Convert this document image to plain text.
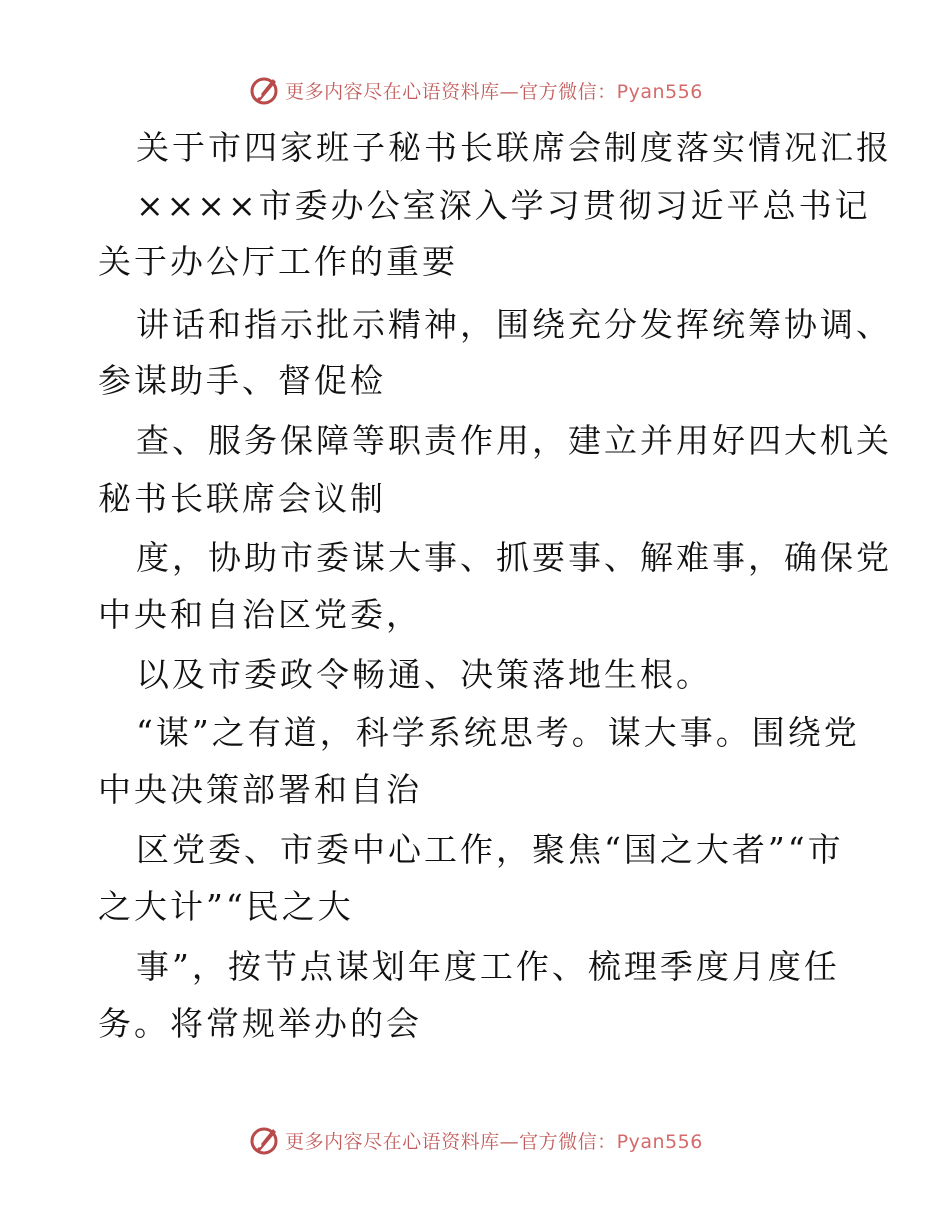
更多内容尽在心语资料库—官方微信：Pyan556
关于市四家班子秘书长联席会制度落实情况汇报
××××市委办公室深入学习贯彻习近平总书记
关于办公厅工作的重要
讲话和指示批示精神，围绕充分发挥统筹协调、
参谋助手、督促检
查、服务保障等职责作用，建立并用好四大机关
秘书长联席会议制
度，协助市委谋大事、抓要事、解难事，确保党
中央和自治区党委，
以及市委政令畅通、决策落地生根。
“谋”之有道，科学系统思考。谋大事。围绕党
中央决策部署和自治
区党委、市委中心工作，聚焦“国之大者”“市
之大计”“民之大
事”，按节点谋划年度工作、梳理季度月度任
务。将常规举办的会
更多内容尽在心语资料库—官方微信：Pyan556
